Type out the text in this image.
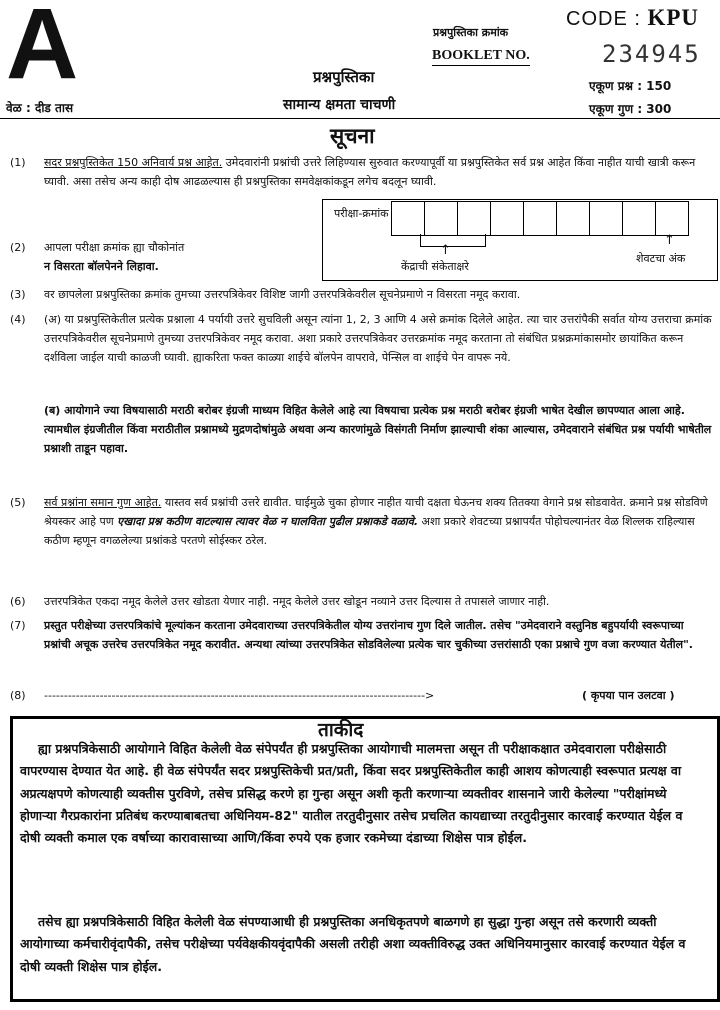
A	प्रश्नपुस्तिका क्रमांक
BOOKLET NO.
CODE : KPU
234945
प्रश्नपुस्तिका
सामान्य क्षमता चाचणी
एकूण प्रश्न : 150
एकूण गुण : 300
वेळ : दीड तास
सूचना
(1) सदर प्रश्नपुस्तिकेत 150 अनिवार्य प्रश्न आहेत. उमेदवारांनी प्रश्नांची उत्तरे लिहिण्यास सुरुवात करण्यापूर्वी या प्रश्नपुस्तिकेत सर्व प्रश्न आहेत किंवा नाहीत याची खात्री करून घ्यावी. असा तसेच अन्य काही दोष आढळल्यास ही प्रश्नपुस्तिका समवेक्षकांकडून लगेच बदलून घ्यावी.
(2) आपला परीक्षा क्रमांक ह्या चौकोनांत
न विसरता बॉलपेनने लिहावा.
परीक्षा-क्रमांक
↑
↑
केंद्राची संकेताक्षरे
शेवटचा अंक
(3) वर छापलेला प्रश्नपुस्तिका क्रमांक तुमच्या उत्तरपत्रिकेवर विशिष्ट जागी उत्तरपत्रिकेवरील सूचनेप्रमाणे न विसरता नमूद करावा.
(4) (अ) या प्रश्नपुस्तिकेतील प्रत्येक प्रश्नाला 4 पर्यायी उत्तरे सुचविली असून त्यांना 1, 2, 3 आणि 4 असे क्रमांक दिलेले आहेत. त्या चार उत्तरांपैकी सर्वात योग्य उत्तराचा क्रमांक उत्तरपत्रिकेवरील सूचनेप्रमाणे तुमच्या उत्तरपत्रिकेवर नमूद करावा. अशा प्रकारे उत्तरपत्रिकेवर उत्तरक्रमांक नमूद करताना तो संबंधित प्रश्नक्रमांकासमोर छायांकित करून दर्शविला जाईल याची काळजी घ्यावी. ह्याकरिता फक्त काळ्या शाईचे बॉलपेन वापरावे, पेन्सिल वा शाईचे पेन वापरू नये.
(ब) आयोगाने ज्या विषयासाठी मराठी बरोबर इंग्रजी माध्यम विहित केलेले आहे त्या विषयाचा प्रत्येक प्रश्न मराठी बरोबर इंग्रजी भाषेत देखील छापण्यात आला आहे. त्यामधील इंग्रजीतील किंवा मराठीतील प्रश्नामध्ये मुद्रणदोषांमुळे अथवा अन्य कारणांमुळे विसंगती निर्माण झाल्याची शंका आल्यास, उमेदवाराने संबंधित प्रश्न पर्यायी भाषेतील प्रश्नाशी ताडून पहावा.
(5) सर्व प्रश्नांना समान गुण आहेत. यास्तव सर्व प्रश्नांची उत्तरे द्यावीत. घाईमुळे चुका होणार नाहीत याची दक्षता घेऊनच शक्य तितक्या वेगाने प्रश्न सोडवावेत. क्रमाने प्रश्न सोडविणे श्रेयस्कर आहे पण एखादा प्रश्न कठीण वाटल्यास त्यावर वेळ न घालविता पुढील प्रश्नाकडे वळावे. अशा प्रकारे शेवटच्या प्रश्नापर्यंत पोहोचल्यानंतर वेळ शिल्लक राहिल्यास कठीण म्हणून वगळलेल्या प्रश्नांकडे परतणे सोईस्कर ठरेल.
(6) उत्तरपत्रिकेत एकदा नमूद केलेले उत्तर खोडता येणार नाही. नमूद केलेले उत्तर खोडून नव्याने उत्तर दिल्यास ते तपासले जाणार नाही.
(7) प्रस्तुत परीक्षेच्या उत्तरपत्रिकांचे मूल्यांकन करताना उमेदवाराच्या उत्तरपत्रिकेतील योग्य उत्तरांनाच गुण दिले जातील. तसेच "उमेदवाराने वस्तुनिष्ठ बहुपर्यायी स्वरूपाच्या प्रश्नांची अचूक उत्तरेच उत्तरपत्रिकेत नमूद करावीत. अन्यथा त्यांच्या उत्तरपत्रिकेत सोडविलेल्या प्रत्येक चार चुकीच्या उत्तरांसाठी एका प्रश्नाचे गुण वजा करण्यात येतील".
(8) ------------------------------------------------------------------------------------------------>	( कृपया पान उलटवा )
ताकीद
ह्या प्रश्नपत्रिकेसाठी आयोगाने विहित केलेली वेळ संपेपर्यंत ही प्रश्नपुस्तिका आयोगाची मालमत्ता असून ती परीक्षाकक्षात उमेदवाराला परीक्षेसाठी वापरण्यास देण्यात येत आहे. ही वेळ संपेपर्यंत सदर प्रश्नपुस्तिकेची प्रत/प्रती, किंवा सदर प्रश्नपुस्तिकेतील काही आशय कोणत्याही स्वरूपात प्रत्यक्ष वा अप्रत्यक्षपणे कोणत्याही व्यक्तीस पुरविणे, तसेच प्रसिद्ध करणे हा गुन्हा असून अशी कृती करणाऱ्या व्यक्तीवर शासनाने जारी केलेल्या "परीक्षांमध्ये होणाऱ्या गैरप्रकारांना प्रतिबंध करण्याबाबतचा अधिनियम-82" यातील तरतुदीनुसार तसेच प्रचलित कायद्याच्या तरतुदीनुसार कारवाई करण्यात येईल व दोषी व्यक्ती कमाल एक वर्षाच्या कारावासाच्या आणि/किंवा रुपये एक हजार रकमेच्या दंडाच्या शिक्षेस पात्र होईल.
तसेच ह्या प्रश्नपत्रिकेसाठी विहित केलेली वेळ संपण्याआधी ही प्रश्नपुस्तिका अनधिकृतपणे बाळगणे हा सुद्धा गुन्हा असून तसे करणारी व्यक्ती आयोगाच्या कर्मचारीवृंदापैकी, तसेच परीक्षेच्या पर्यवेक्षकीयवृंदापैकी असली तरीही अशा व्यक्तीविरुद्ध उक्त अधिनियमानुसार कारवाई करण्यात येईल व दोषी व्यक्ती शिक्षेस पात्र होईल.
